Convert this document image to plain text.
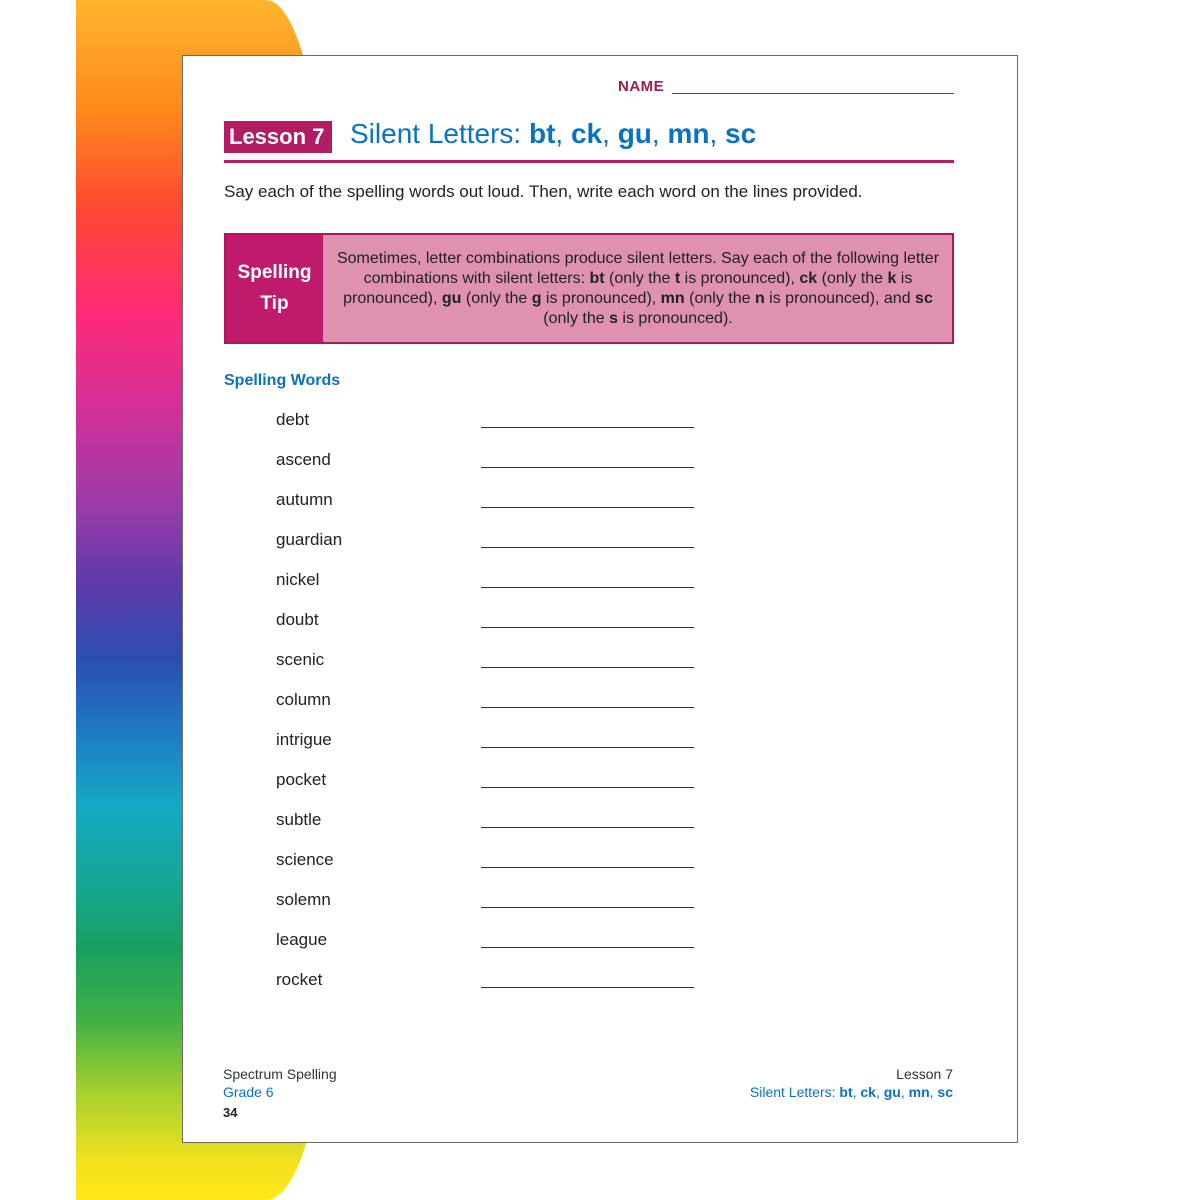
NAME
Lesson 7 Silent Letters: bt, ck, gu, mn, sc
Say each of the spelling words out loud. Then, write each word on the lines provided.
Spelling
Tip
Sometimes, letter combinations produce silent letters. Say each of the following letter combinations with silent letters: bt (only the t is pronounced), ck (only the k is pronounced), gu (only the g is pronounced), mn (only the n is pronounced), and sc (only the s is pronounced).
Spelling Words
debt
ascend
autumn
guardian
nickel
doubt
scenic
column
intrigue
pocket
subtle
science
solemn
league
rocket
Spectrum Spelling
Grade 6
34
Lesson 7
Silent Letters: bt, ck, gu, mn, sc
